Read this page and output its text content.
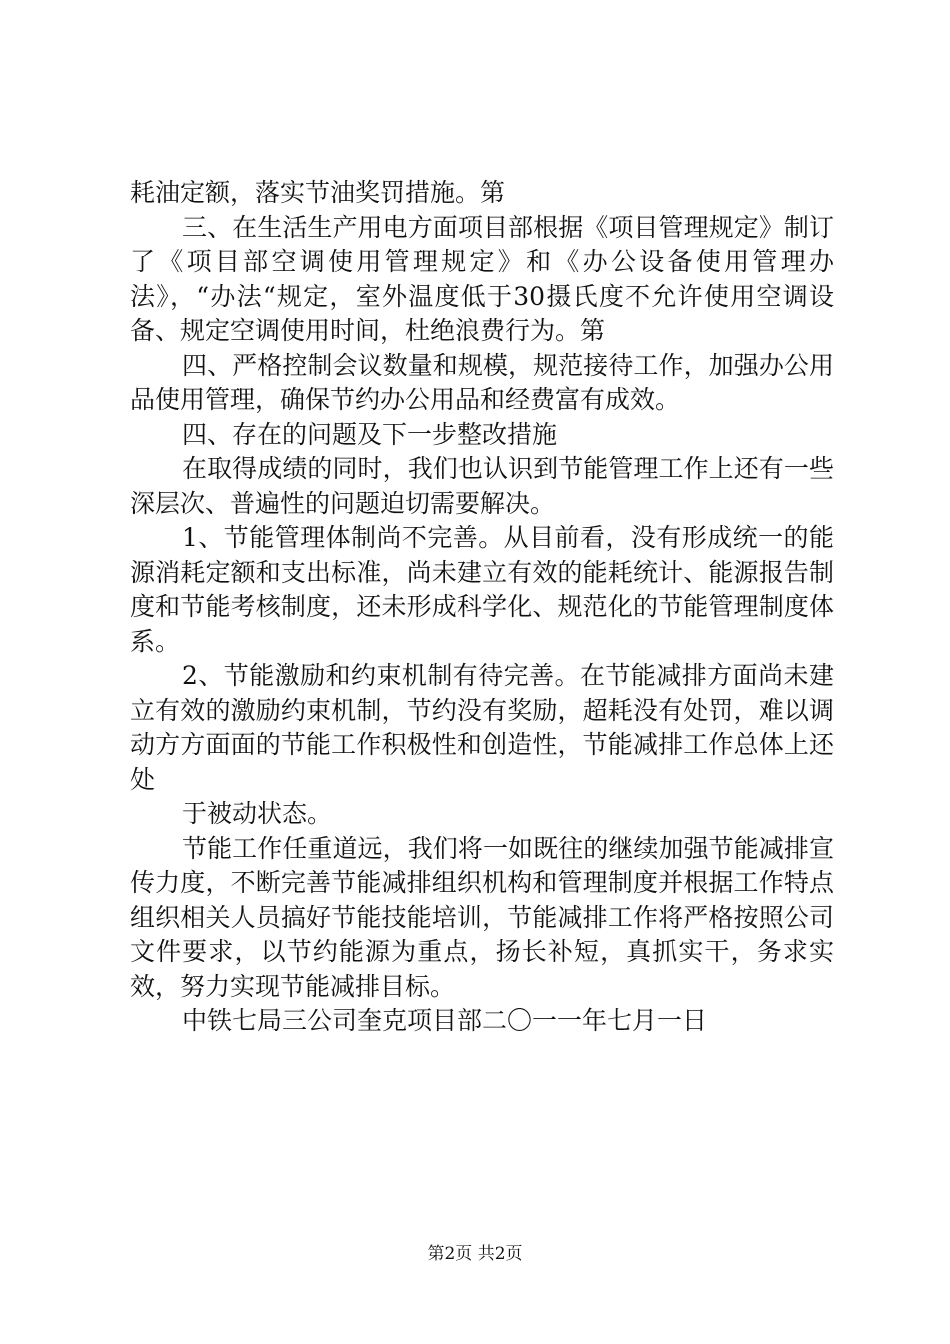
耗油定额，落实节油奖罚措施。第

三、在生活生产用电方面项目部根据《项目管理规定》制订了《项目部空调使用管理规定》和《办公设备使用管理办法》，“办法“规定，室外温度低于30摄氏度不允许使用空调设备、规定空调使用时间，杜绝浪费行为。第

四、严格控制会议数量和规模，规范接待工作，加强办公用品使用管理，确保节约办公用品和经费富有成效。

四、存在的问题及下一步整改措施

在取得成绩的同时，我们也认识到节能管理工作上还有一些深层次、普遍性的问题迫切需要解决。

1、节能管理体制尚不完善。从目前看，没有形成统一的能源消耗定额和支出标准，尚未建立有效的能耗统计、能源报告制度和节能考核制度，还未形成科学化、规范化的节能管理制度体系。

2、节能激励和约束机制有待完善。在节能减排方面尚未建立有效的激励约束机制，节约没有奖励，超耗没有处罚，难以调动方方面面的节能工作积极性和创造性，节能减排工作总体上还处

于被动状态。

节能工作任重道远，我们将一如既往的继续加强节能减排宣传力度，不断完善节能减排组织机构和管理制度并根据工作特点组织相关人员搞好节能技能培训，节能减排工作将严格按照公司文件要求，以节约能源为重点，扬长补短，真抓实干，务求实效，努力实现节能减排目标。

中铁七局三公司奎克项目部二〇一一年七月一日

第2页 共2页
